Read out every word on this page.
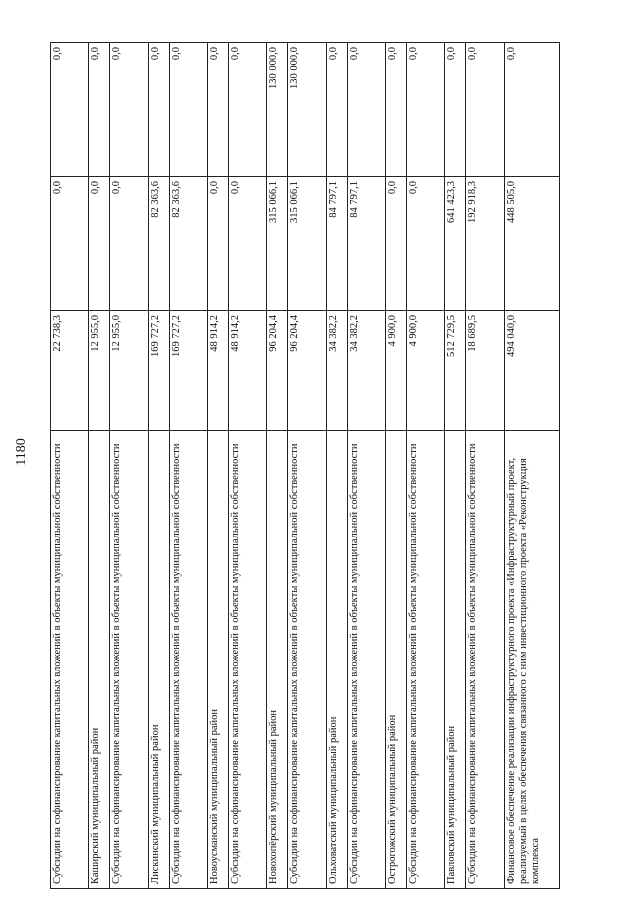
1180 Субсидии на софинансирование капитальных вложений в объекты муниципальной собственности	22 738,3	0,0	0,0
Каширский муниципальный район	12 955,0	0,0	0,0
Субсидии на софинансирование капитальных вложений в объекты муниципальной собственности	12 955,0	0,0	0,0
Лискинский муниципальный район	169 727,2	82 363,6	0,0
Субсидии на софинансирование капитальных вложений в объекты муниципальной собственности	169 727,2	82 363,6	0,0
Новоусманский муниципальный район	48 914,2	0,0	0,0
Субсидии на софинансирование капитальных вложений в объекты муниципальной собственности	48 914,2	0,0	0,0
Новохопёрский муниципальный район	96 204,4	315 066,1	130 000,0
Субсидии на софинансирование капитальных вложений в объекты муниципальной собственности	96 204,4	315 066,1	130 000,0
Ольховатский муниципальный район	34 382,2	84 797,1	0,0
Субсидии на софинансирование капитальных вложений в объекты муниципальной собственности	34 382,2	84 797,1	0,0
Острогожский муниципальный район	4 900,0	0,0	0,0
Субсидии на софинансирование капитальных вложений в объекты муниципальной собственности	4 900,0	0,0	0,0
Павловский муниципальный район	512 729,5	641 423,3	0,0
Субсидии на софинансирование капитальных вложений в объекты муниципальной собственности	18 689,5	192 918,3	0,0
Финансовое обеспечение реализации инфраструктурного проекта «Инфраструктурный проект, реализуемый в целях обеспечения связанного с ним инвестиционного проекта «Реконструкция комплекса	494 040,0	448 505,0	0,0
